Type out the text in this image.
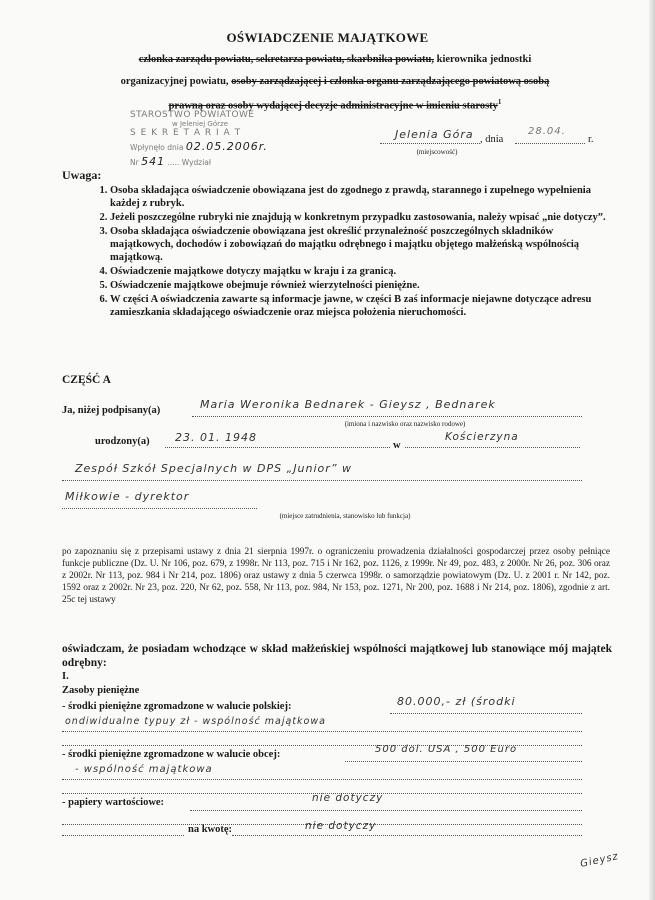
OŚWIADCZENIE MAJĄTKOWE
członka zarządu powiatu, sekretarza powiatu, skarbnika powiatu, kierownika jednostki
organizacyjnej powiatu, osoby zarządzającej i członka organu zarządzającego powiatową osobą
prawną oraz osoby wydającej decyzje administracyjne w imieniu starosty$^1$
STAROSTWO POWIATOWE
w Jeleniej Górze
S E K R E T A R I A T
Wpłynęło dnia 02.05.2006r.
Nr 541 ..... Wydział
Jelenia Góra , dnia
28.04.
r.
(miejscowość)
Uwaga:
1. Osoba składająca oświadczenie obowiązana jest do zgodnego z prawdą, starannego i zupełnego wypełnienia każdej z rubryk.
2. Jeżeli poszczególne rubryki nie znajdują w konkretnym przypadku zastosowania, należy wpisać „nie dotyczy”.
3. Osoba składająca oświadczenie obowiązana jest określić przynależność poszczególnych składników majątkowych, dochodów i zobowiązań do majątku odrębnego i majątku objętego małżeńską wspólnością majątkową.
4. Oświadczenie majątkowe dotyczy majątku w kraju i za granicą.
5. Oświadczenie majątkowe obejmuje również wierzytelności pieniężne.
6. W części A oświadczenia zawarte są informacje jawne, w części B zaś informacje niejawne dotyczące adresu zamieszkania składającego oświadczenie oraz miejsca położenia nieruchomości.
CZĘŚĆ A
Ja, niżej podpisany(a)	Maria Weronika Bednarek - Gieysz , Bednarek
(imiona i nazwisko oraz nazwisko rodowe)
urodzony(a) 23. 01. 1948
w
Kościerzyna
Zespół Szkół Specjalnych w DPS „Junior” w
Miłkowie - dyrektor
(miejsce zatrudnienia, stanowisko lub funkcja)
po zapoznaniu się z przepisami ustawy z dnia 21 sierpnia 1997r. o ograniczeniu prowadzenia działalności gospodarczej przez osoby pełniące funkcje publiczne (Dz. U. Nr 106, poz. 679, z 1998r. Nr 113, poz. 715 i Nr 162, poz. 1126, z 1999r. Nr 49, poz. 483, z 2000r. Nr 26, poz. 306 oraz z 2002r. Nr 113, poz. 984 i Nr 214, poz. 1806) oraz ustawy z dnia 5 czerwca 1998r. o samorządzie powiatowym (Dz. U. z 2001 r. Nr 142, poz. 1592 oraz z 2002r. Nr 23, poz. 220, Nr 62, poz. 558, Nr 113, poz. 984, Nr 153, poz. 1271, Nr 200, poz. 1688 i Nr 214, poz. 1806), zgodnie z art. 25c tej ustawy
oświadczam, że posiadam wchodzące w skład małżeńskiej wspólności majątkowej lub stanowiące mój majątek odrębny:
I.
Zasoby pieniężne
- środki pieniężne zgromadzone w walucie polskiej:	80.000,- zł (środki
ondiwidualne typuy zł - wspólność majątkowa
- środki pieniężne zgromadzone w walucie obcej:	500 dol. USA , 500 Euro
- wspólność majątkowa
- papiery wartościowe:	nie dotyczy
na kwotę:	nie dotyczy
Gieysz
